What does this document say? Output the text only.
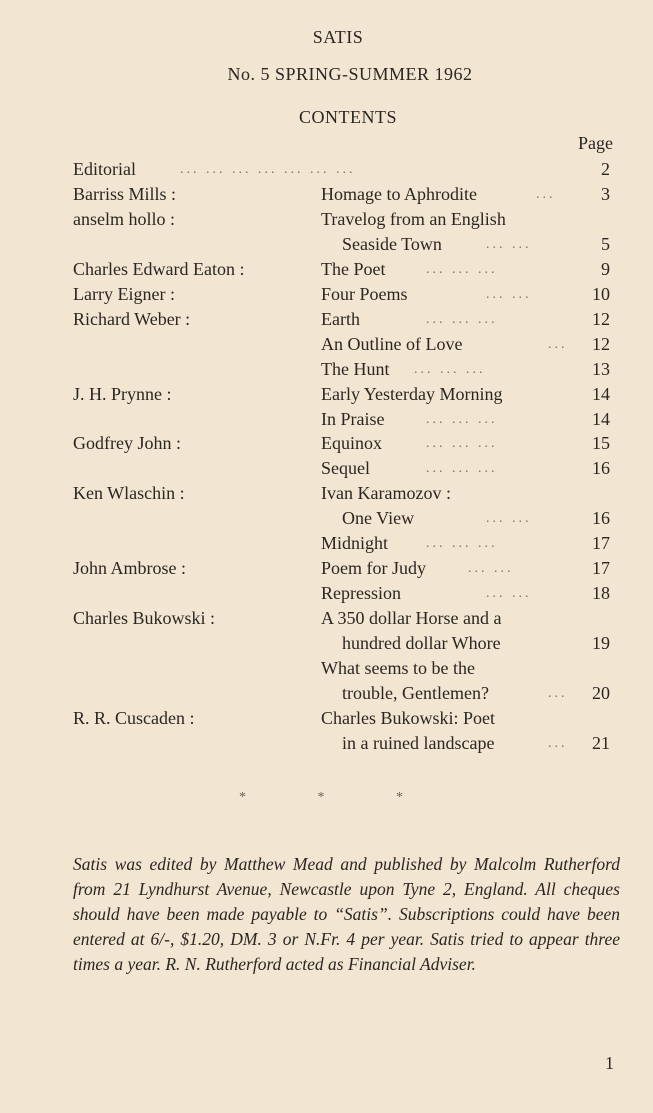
SATIS
No. 5 SPRING-SUMMER 1962
CONTENTS
Page
Editorial	... ... ... ... ... ... ...	2
Barriss Mills :	Homage to Aphrodite	...	3
anselm hollo :	Travelog from an English
Seaside Town	... ...	5
Charles Edward Eaton :	The Poet	... ... ...	9
Larry Eigner :	Four Poems	... ...	10
Richard Weber :	Earth	... ... ...	12
An Outline of Love	... 12
The Hunt ... ... ...	13
J. H. Prynne :	Early Yesterday Morning	14
In Praise	... ... ...	14
Godfrey John :	Equinox	... ... ...	15
Sequel	... ... ...	16
Ken Wlaschin :	Ivan Karamozov :
One View	... ...	16
Midnight	... ... ...	17
John Ambrose :	Poem for Judy	... ...	17
Repression	... ...	18
Charles Bukowski :	A 350 dollar Horse and a
hundred dollar Whore	19
What seems to be the
trouble, Gentlemen?	... 20
R. R. Cuscaden :	Charles Bukowski: Poet
in a ruined landscape	... 21
* * *
Satis was edited by Matthew Mead and published by Malcolm Rutherford from 21 Lyndhurst Avenue, Newcastle upon Tyne 2, England. All cheques should have been made payable to “Satis”. Subscriptions could have been entered at 6/-, $1.20, DM. 3 or N.Fr. 4 per year. Satis tried to appear three times a year. R. N. Rutherford acted as Financial Adviser.
1
